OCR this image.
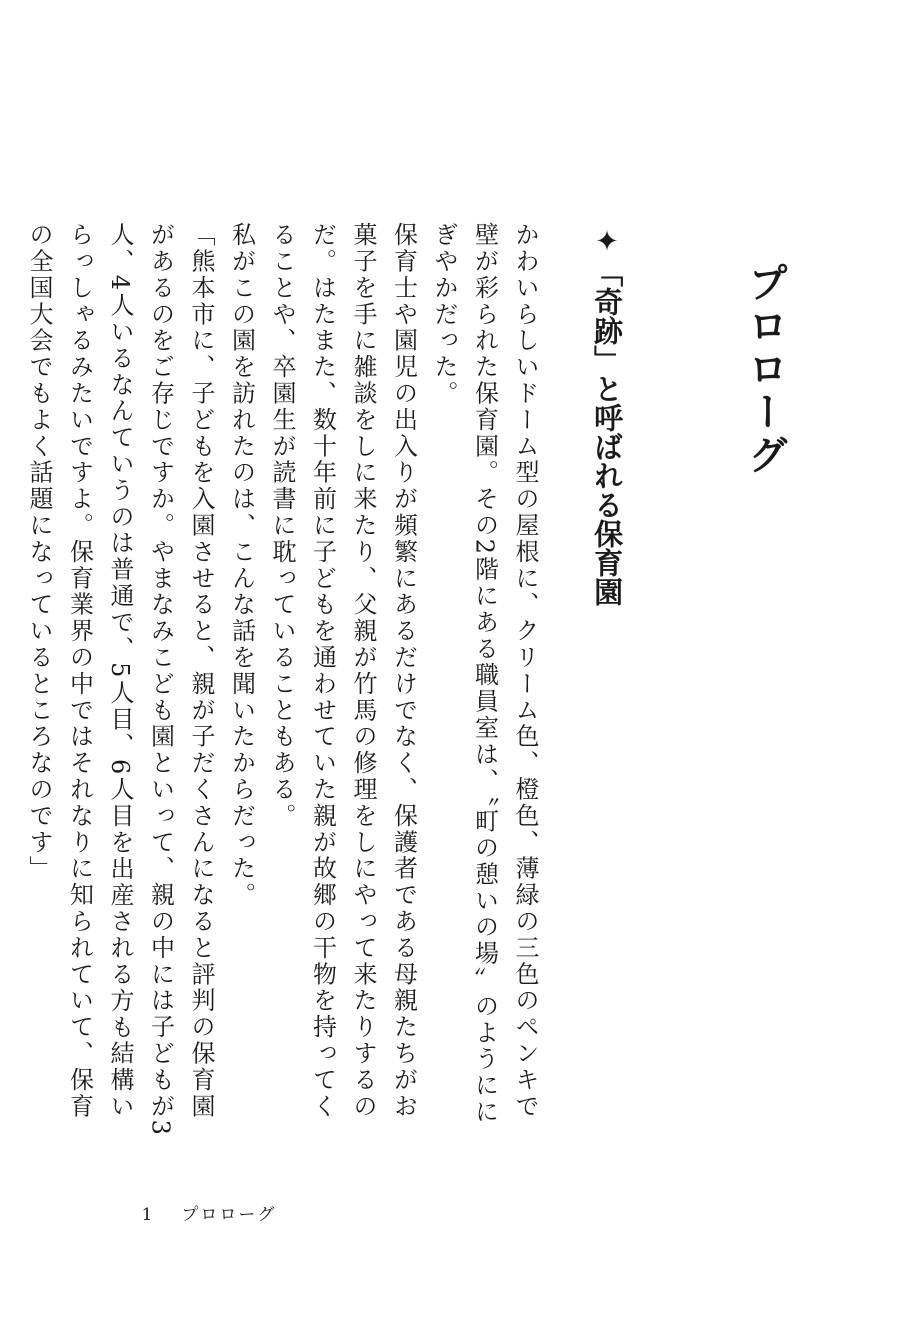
プロローグ
✦「奇跡」と呼ばれる保育園

かわいらしいドーム型の屋根に、クリーム色、橙色、薄緑の三色のペンキで壁が彩られた保育園。その2階にある職員室は、〝町の憩いの場〟のようににぎやかだった。

保育士や園児の出入りが頻繁にあるだけでなく、保護者である母親たちがお菓子を手に雑談をしに来たり、父親が竹馬の修理をしにやって来たりするのだ。はたまた、数十年前に子どもを通わせていた親が故郷の干物を持ってくることや、卒園生が読書に耽っていることもある。

私がこの園を訪れたのは、こんな話を聞いたからだった。

「熊本市に、子どもを入園させると、親が子だくさんになると評判の保育園があるのをご存じですか。やまなみこども園といって、親の中には子どもが3人、4人いるなんていうのは普通で、5人目、6人目を出産される方も結構いらっしゃるみたいですよ。保育業界の中ではそれなりに知られていて、保育の全国大会でもよく話題になっているところなのです」

1 プロローグ
